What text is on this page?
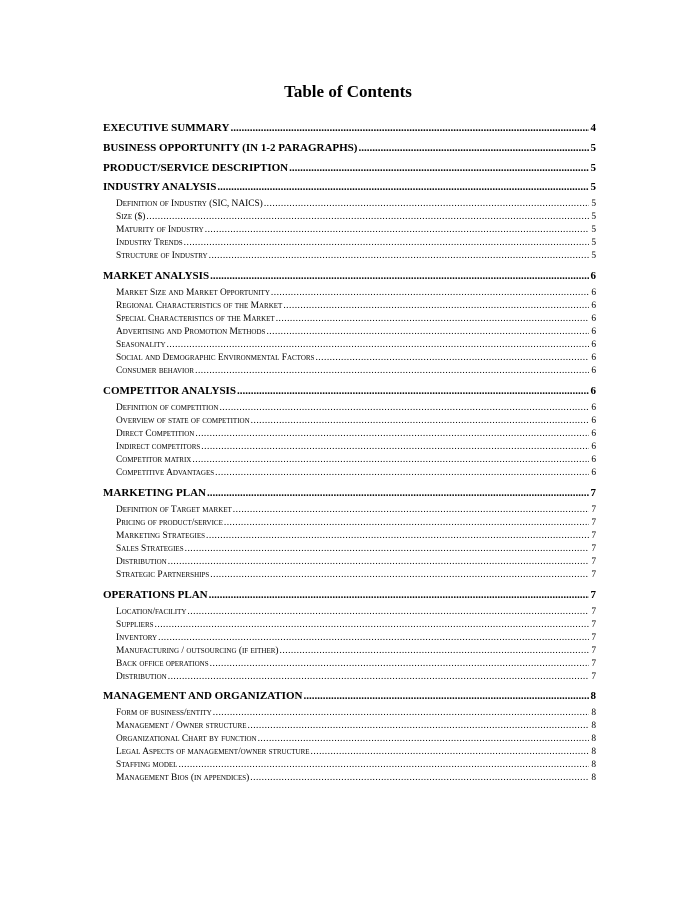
Table of Contents
EXECUTIVE SUMMARY .....	4
BUSINESS OPPORTUNITY (IN 1-2 PARAGRAPHS) .....	5
PRODUCT/SERVICE DESCRIPTION .....	5
INDUSTRY ANALYSIS .....	5
Definition of Industry (SIC, NAICS) .....	5
Size ($) .....	5
Maturity of Industry .....	5
Industry Trends .....	5
Structure of Industry .....	5
MARKET ANALYSIS .....	6
Market Size and Market Opportunity .....	6
Regional Characteristics of the Market .....	6
Special Characteristics of the Market .....	6
Advertising and Promotion Methods .....	6
Seasonality .....	6
Social and Demographic Environmental Factors .....	6
Consumer behavior .....	6
COMPETITOR ANALYSIS .....	6
Definition of competition .....	6
Overview of state of competition .....	6
Direct Competition .....	6
Indirect competitors .....	6
Competitor matrix .....	6
Competitive Advantages .....	6
MARKETING PLAN .....	7
Definition of Target market .....	7
Pricing of product/service .....	7
Marketing Strategies .....	7
Sales Strategies .....	7
Distribution .....	7
Strategic Partnerships .....	7
OPERATIONS PLAN .....	7
Location/facility .....	7
Suppliers .....	7
Inventory .....	7
Manufacturing / outsourcing (if either) .....	7
Back office operations .....	7
Distribution .....	7
MANAGEMENT AND ORGANIZATION .....	8
Form of business/entity .....	8
Management / Owner structure .....	8
Organizational Chart by function .....	8
Legal Aspects of management/owner structure .....	8
Staffing model .....	8
Management Bios (in appendices) .....	8
